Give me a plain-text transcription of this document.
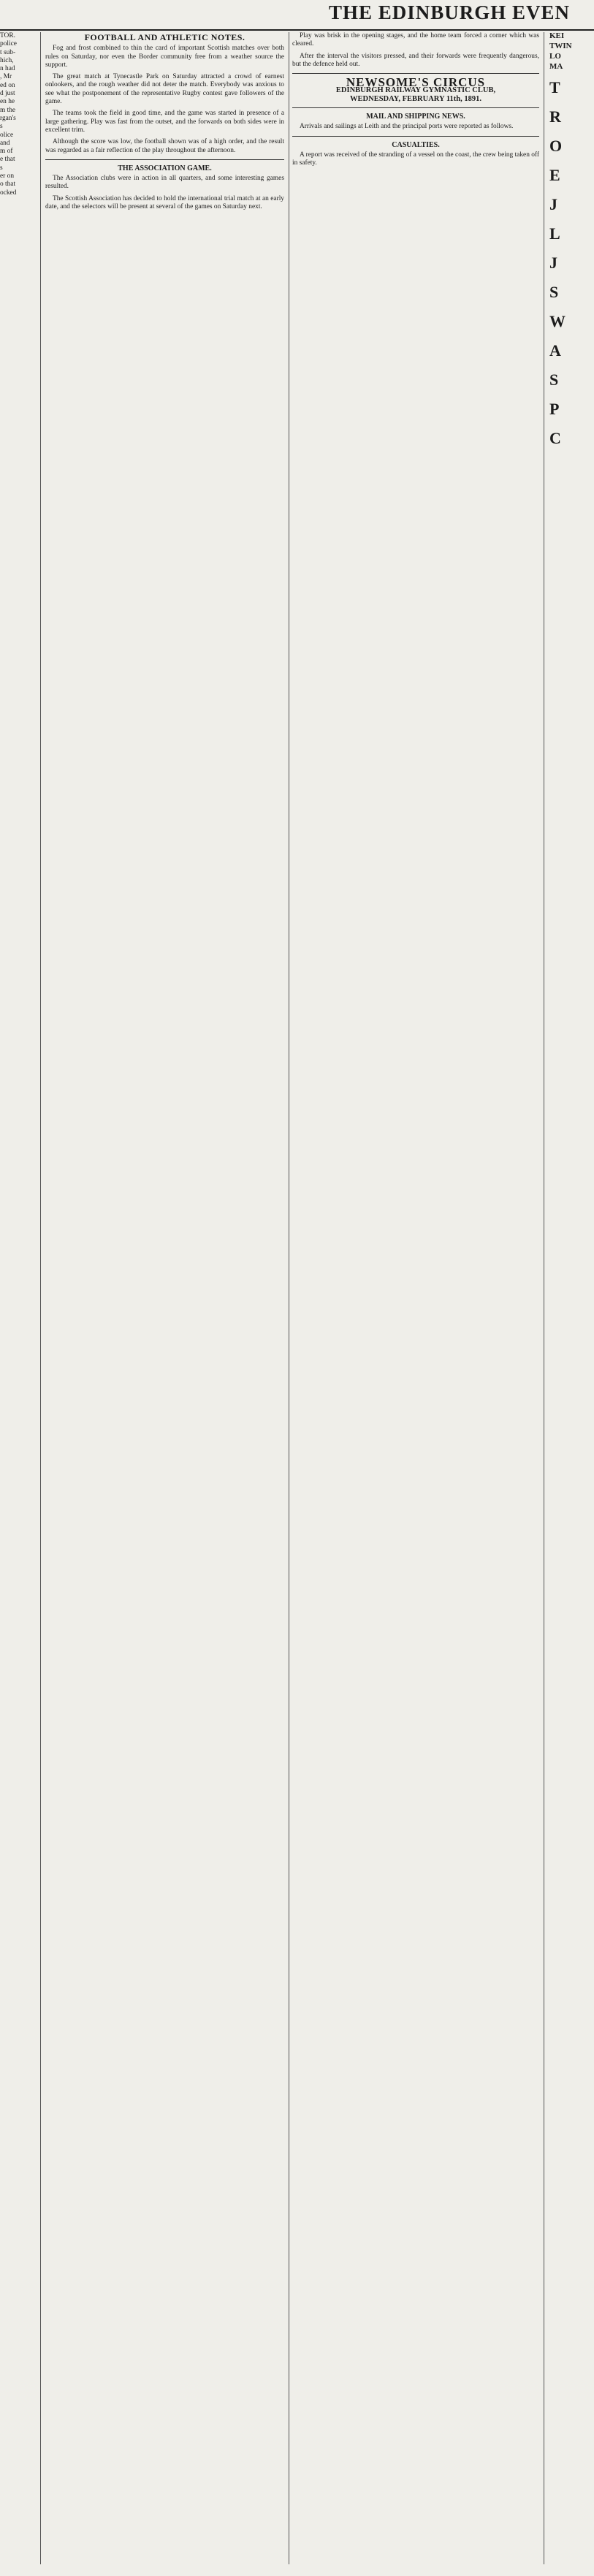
THE EDINBURGH EVEN
TOR.
police
t sub-
hich,
n had
, Mr
ed on
d just
en he
m the
rgan's
s
olice
and
m of
e that
s
er on
o that
ocked
FOOTBALL AND ATHLETIC NOTES.

Fog and frost combined to thin the card of important Scottish matches over both rules on Saturday, nor even the Border community free from a weather source the support.

The great match at Tynecastle Park on Saturday attracted a crowd of earnest onlookers, and the rough weather did not deter the match. Everybody was anxious to see what the postponement of the representative Rugby contest gave followers of the game.

The teams took the field in good time, and the game was started in presence of a large gathering. Play was fast from the outset, and the forwards on both sides were in excellent trim.

Although the score was low, the football shown was of a high order, and the result was regarded as a fair reflection of the play throughout the afternoon.

THE ASSOCIATION GAME.

The Association clubs were in action in all quarters, and some interesting games resulted.

The Scottish Association has decided to hold the international trial match at an early date, and the selectors will be present at several of the games on Saturday next.

Play was brisk in the opening stages, and the home team forced a corner which was cleared.

After the interval the visitors pressed, and their forwards were frequently dangerous, but the defence held out.

NEWSOME'S CIRCUS
EDINBURGH RAILWAY GYMNASTIC CLUB,
WEDNESDAY, FEBRUARY 11th, 1891.
MAIL AND SHIPPING NEWS.

Arrivals and sailings at Leith and the principal ports were reported as follows.

CASUALTIES.

A report was received of the stranding of a vessel on the coast, the crew being taken off in safety.

KEI
TWIN
LO
MA
T
R
O
E
J
L
J
S
W
A
S
P
C
